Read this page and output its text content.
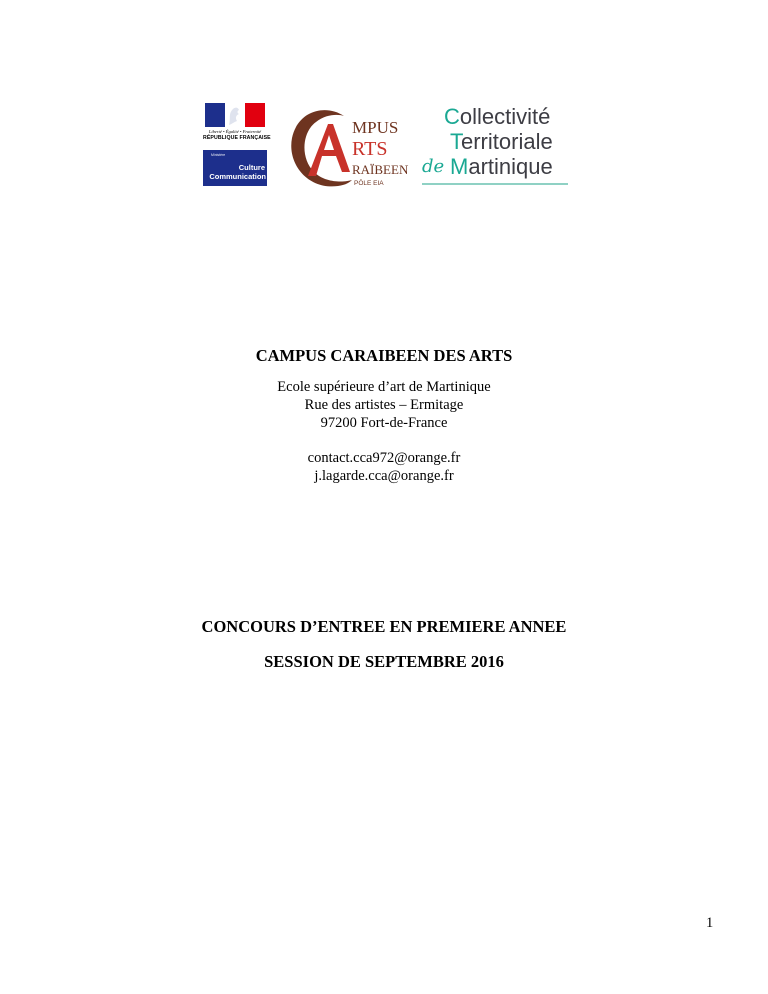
Liberté • Égalité • Fraternité
RÉPUBLIQUE FRANÇAISE
Ministère
Culture
Communication
MPUS
RTS
RAÏBEEN
PÔLE EIA
Collectivité
Territoriale
de Martinique
CAMPUS CARAIBEEN DES ARTS
Ecole supérieure d’art de Martinique
Rue des artistes – Ermitage
97200 Fort-de-France
contact.cca972@orange.fr
j.lagarde.cca@orange.fr
CONCOURS D’ENTREE EN PREMIERE ANNEE
SESSION DE SEPTEMBRE 2016
1
